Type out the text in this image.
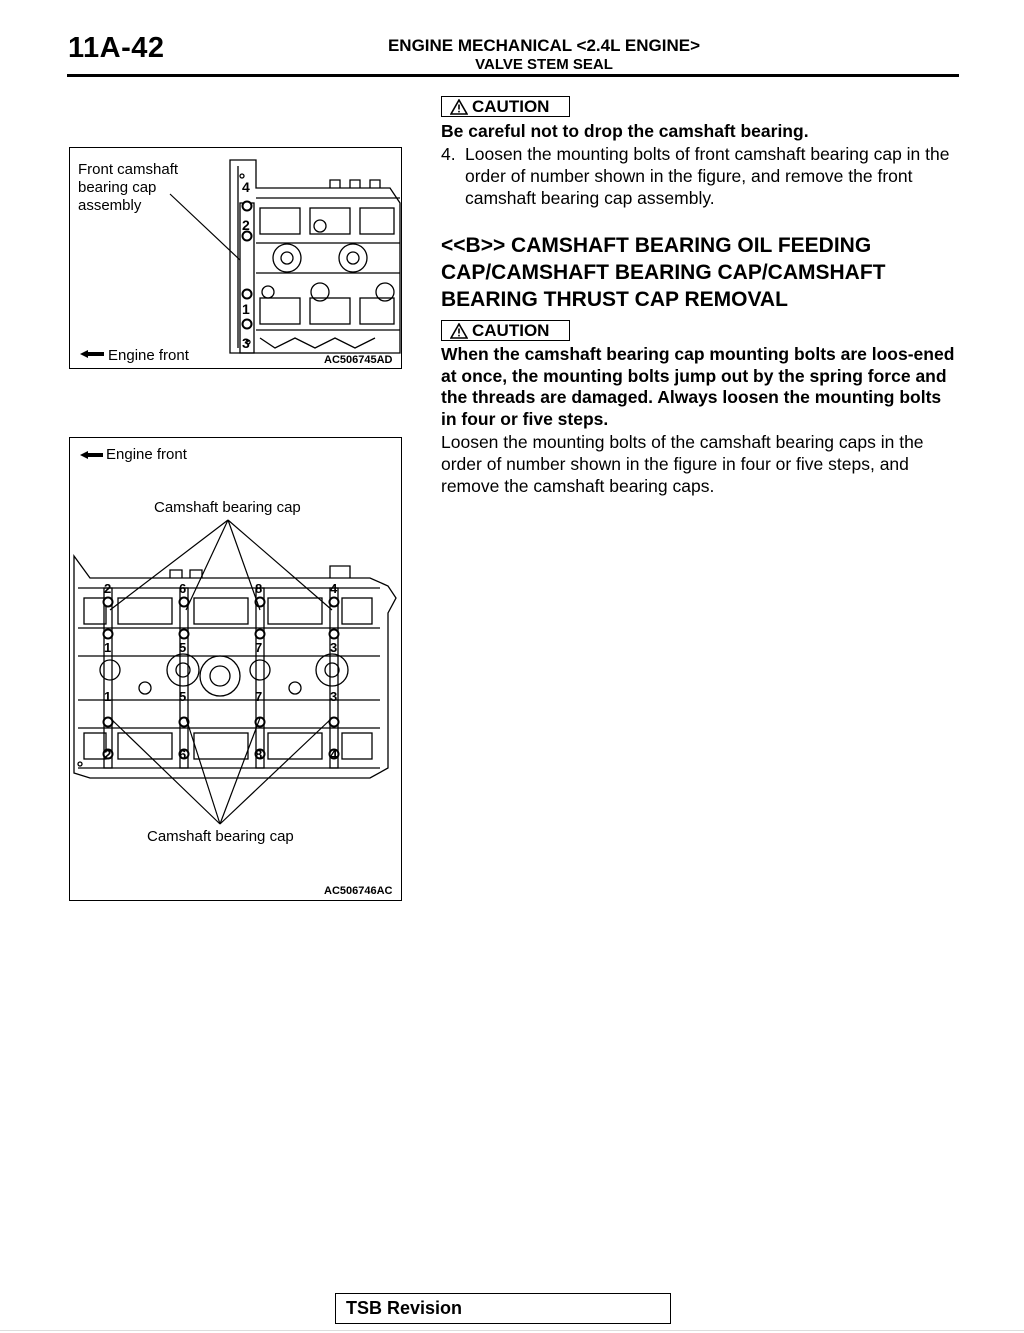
11A-42	ENGINE MECHANICAL <2.4L ENGINE>
VALVE STEM SEAL
CAUTION
Be careful not to drop the camshaft bearing.
4. Loosen the mounting bolts of front camshaft bearing cap in the order of number shown in the figure, and remove the front camshaft bearing cap assembly.
<<B>> CAMSHAFT BEARING OIL FEEDING CAP/CAMSHAFT BEARING CAP/CAMSHAFT BEARING THRUST CAP REMOVAL
CAUTION
When the camshaft bearing cap mounting bolts are loos-ened at once, the mounting bolts jump out by the spring force and the threads are damaged. Always loosen the mounting bolts in four or five steps.
Loosen the mounting bolts of the camshaft bearing caps in the order of number shown in the figure in four or five steps, and remove the camshaft bearing caps.
Front camshaft bearing cap assembly
Engine front
4
2
1
3
AC506745AD
Engine front
Camshaft bearing cap
Camshaft bearing cap
2
1
1
2
6
5
5
6
8
7
7
8
4
3
3
4
AC506746AC
TSB Revision
